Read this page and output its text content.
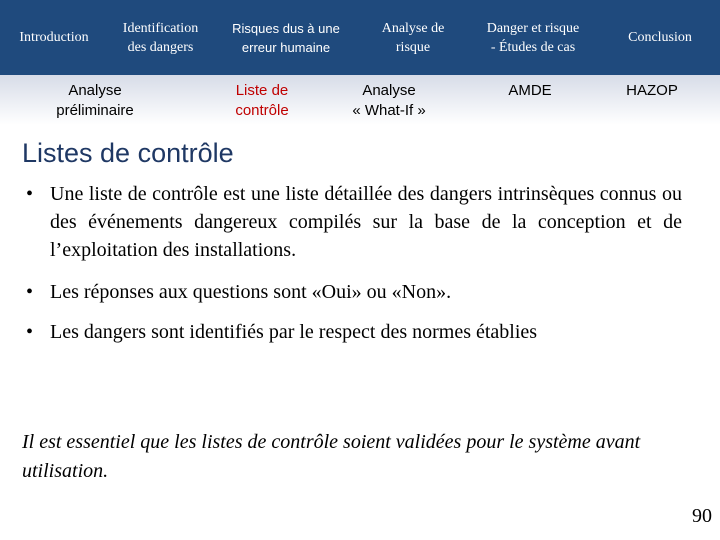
Introduction
Identification
des dangers
Risques dus à une
erreur humaine
Analyse de
risque
Danger et risque
- Études de cas
Conclusion
Analyse
préliminaire
Liste de
contrôle
Analyse
« What-If »
AMDE	HAZOP
Listes de contrôle
• Une liste de contrôle est une liste détaillée des dangers intrinsèques connus ou des événements dangereux compilés sur la base de la conception et de l’exploitation des installations.
• Les réponses aux questions sont «Oui» ou «Non».
• Les dangers sont identifiés par le respect des normes établies

Il est essentiel que les listes de contrôle soient validées pour le système avant utilisation.

90
